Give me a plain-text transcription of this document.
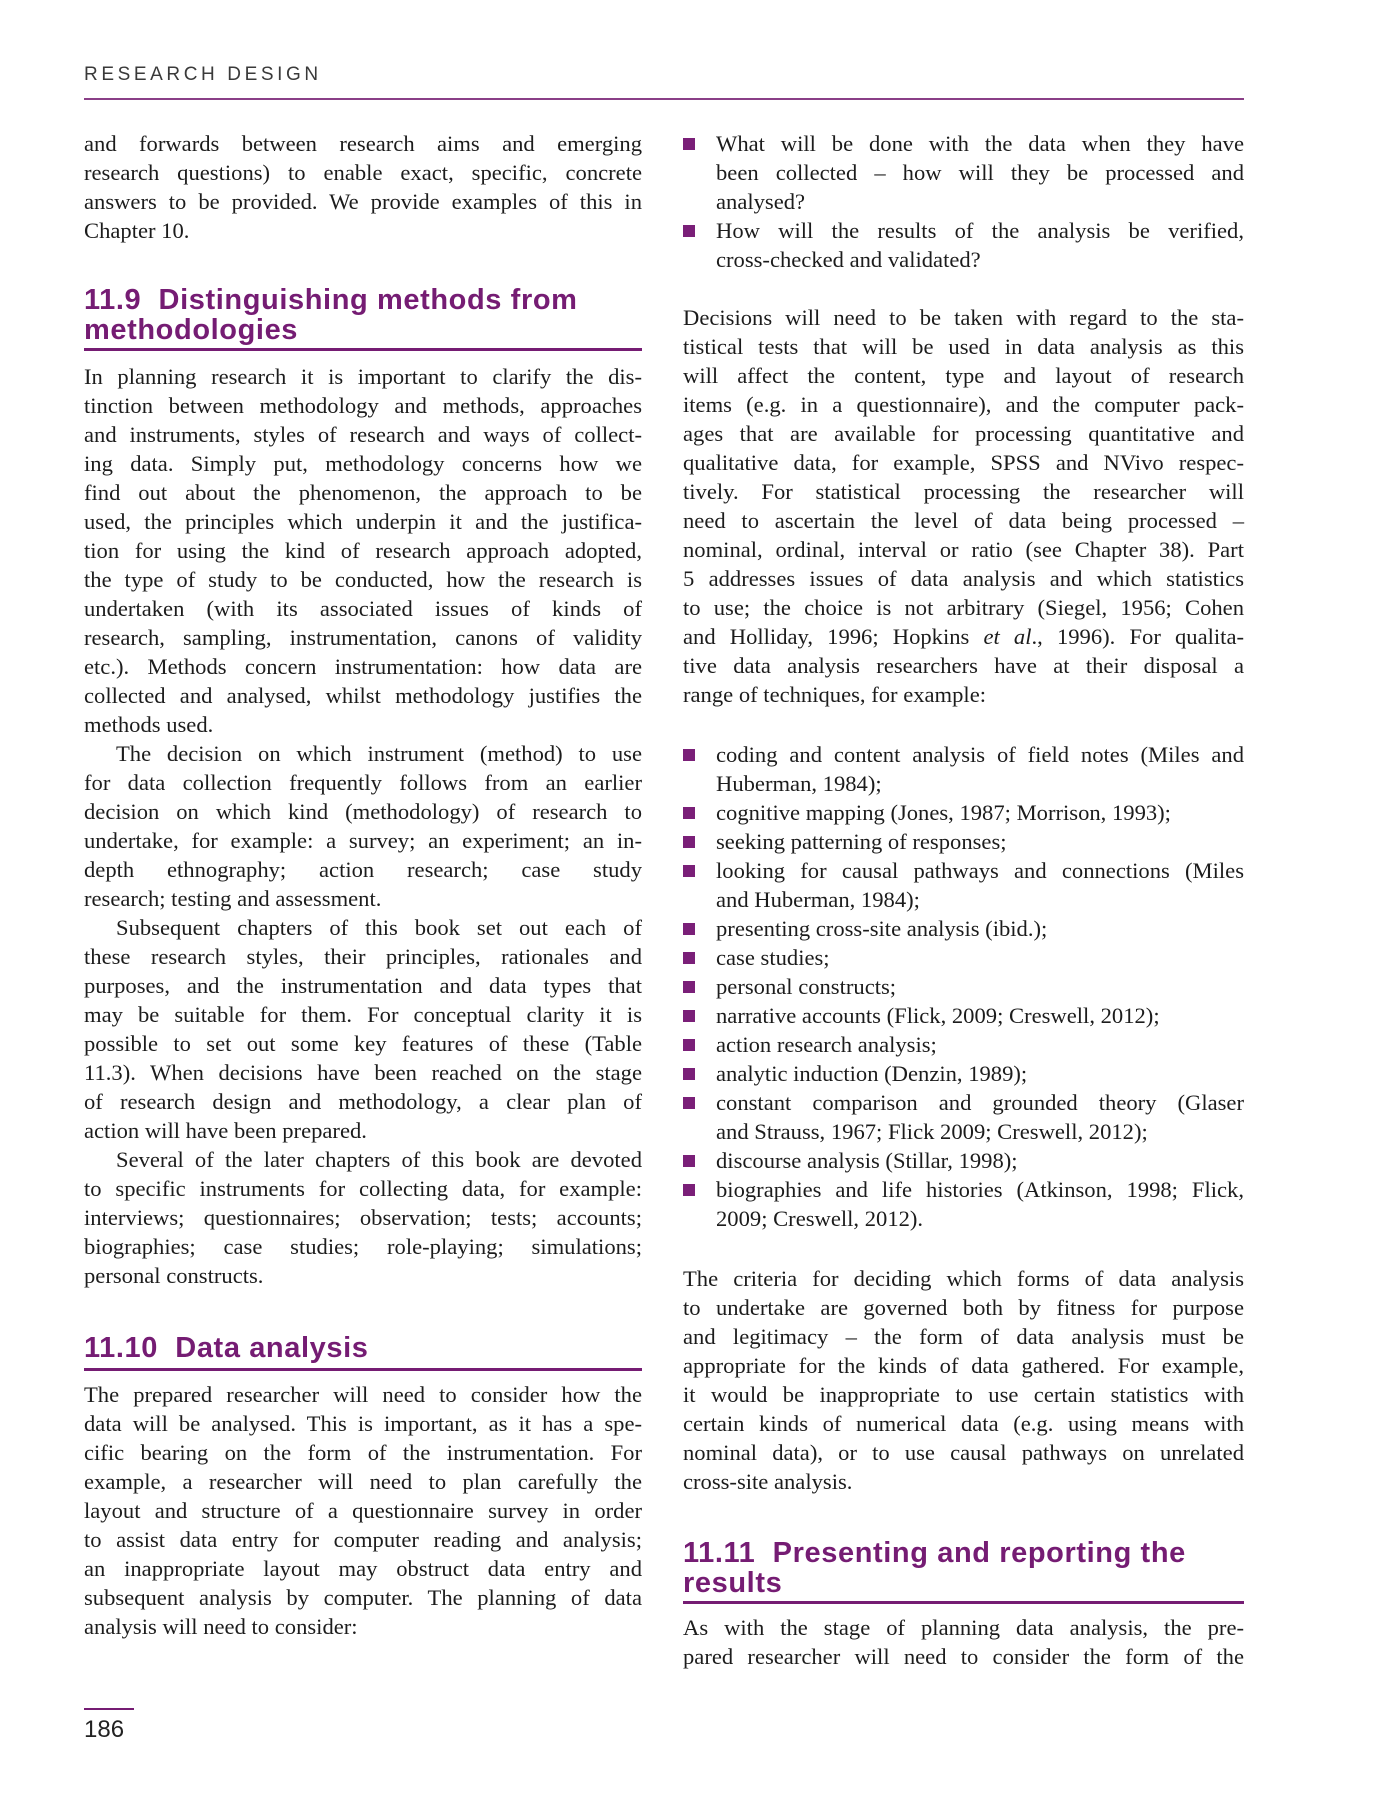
RESEARCH DESIGN
and forwards between research aims and emerging
research questions) to enable exact, specific, concrete
answers to be provided. We provide examples of this in
Chapter 10.
11.9  Distinguishing methods from
methodologies
In planning research it is important to clarify the dis-
tinction between methodology and methods, approaches
and instruments, styles of research and ways of collect-
ing data. Simply put, methodology concerns how we
find out about the phenomenon, the approach to be
used, the principles which underpin it and the justifica-
tion for using the kind of research approach adopted,
the type of study to be conducted, how the research is
undertaken (with its associated issues of kinds of
research, sampling, instrumentation, canons of validity
etc.). Methods concern instrumentation: how data are
collected and analysed, whilst methodology justifies the
methods used.
The decision on which instrument (method) to use
for data collection frequently follows from an earlier
decision on which kind (methodology) of research to
undertake, for example: a survey; an experiment; an in-
depth ethnography; action research; case study
research; testing and assessment.
Subsequent chapters of this book set out each of
these research styles, their principles, rationales and
purposes, and the instrumentation and data types that
may be suitable for them. For conceptual clarity it is
possible to set out some key features of these (Table
11.3). When decisions have been reached on the stage
of research design and methodology, a clear plan of
action will have been prepared.
Several of the later chapters of this book are devoted
to specific instruments for collecting data, for example:
interviews; questionnaires; observation; tests; accounts;
biographies; case studies; role-playing; simulations;
personal constructs.
11.10  Data analysis
The prepared researcher will need to consider how the
data will be analysed. This is important, as it has a spe-
cific bearing on the form of the instrumentation. For
example, a researcher will need to plan carefully the
layout and structure of a questionnaire survey in order
to assist data entry for computer reading and analysis;
an inappropriate layout may obstruct data entry and
subsequent analysis by computer. The planning of data
analysis will need to consider:
What will be done with the data when they have
been collected – how will they be processed and
analysed?
How will the results of the analysis be verified,
cross-checked and validated?
Decisions will need to be taken with regard to the sta-
tistical tests that will be used in data analysis as this
will affect the content, type and layout of research
items (e.g. in a questionnaire), and the computer pack-
ages that are available for processing quantitative and
qualitative data, for example, SPSS and NVivo respec-
tively. For statistical processing the researcher will
need to ascertain the level of data being processed –
nominal, ordinal, interval or ratio (see Chapter 38). Part
5 addresses issues of data analysis and which statistics
to use; the choice is not arbitrary (Siegel, 1956; Cohen
and Holliday, 1996; Hopkins et al., 1996). For qualita-
tive data analysis researchers have at their disposal a
range of techniques, for example:
coding and content analysis of field notes (Miles and
Huberman, 1984);
cognitive mapping (Jones, 1987; Morrison, 1993);
seeking patterning of responses;
looking for causal pathways and connections (Miles
and Huberman, 1984);
presenting cross-site analysis (ibid.);
case studies;
personal constructs;
narrative accounts (Flick, 2009; Creswell, 2012);
action research analysis;
analytic induction (Denzin, 1989);
constant comparison and grounded theory (Glaser
and Strauss, 1967; Flick 2009; Creswell, 2012);
discourse analysis (Stillar, 1998);
biographies and life histories (Atkinson, 1998; Flick,
2009; Creswell, 2012).
The criteria for deciding which forms of data analysis
to undertake are governed both by fitness for purpose
and legitimacy – the form of data analysis must be
appropriate for the kinds of data gathered. For example,
it would be inappropriate to use certain statistics with
certain kinds of numerical data (e.g. using means with
nominal data), or to use causal pathways on unrelated
cross-site analysis.
11.11  Presenting and reporting the
results
As with the stage of planning data analysis, the pre-
pared researcher will need to consider the form of the
186
